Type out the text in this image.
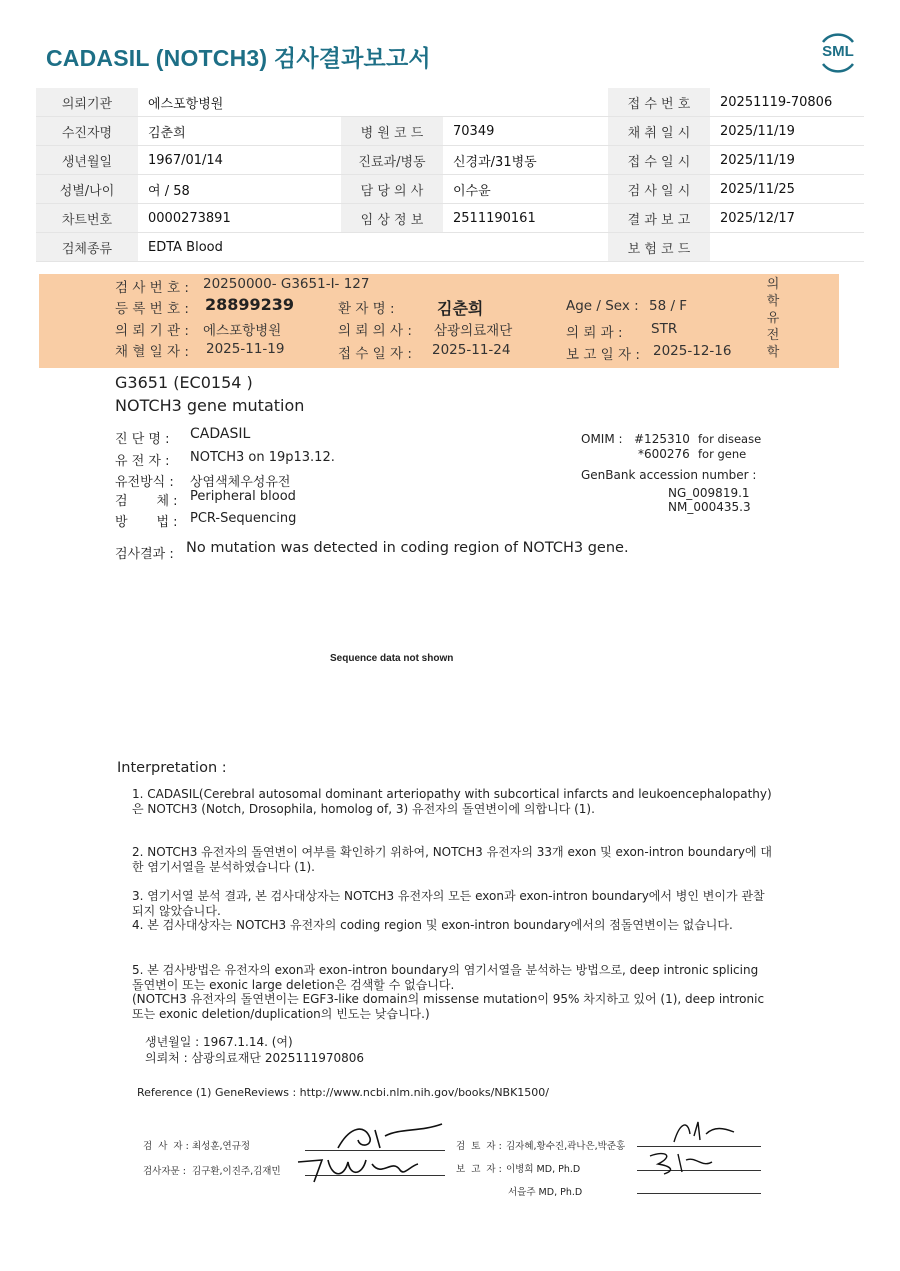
CADASIL (NOTCH3) 검사결과보고서	SML
의뢰기관	에스포항병원			접 수 번 호	20251119-70806
수진자명	김춘희	병 원 코 드	70349	채 취 일 시	2025/11/19
생년월일	1967/01/14	진료과/병동	신경과/31병동	접 수 일 시	2025/11/19
성별/나이	여 / 58	담 당 의 사	이수윤	검 사 일 시	2025/11/25
차트번호	0000273891	임 상 정 보	2511190161	결 과 보 고	2025/12/17
검체종류	EDTA Blood			보 험 코 드	
검 사 번 호 : 20250000- G3651-I- 127
등 록 번 호 : 28899239	환 자 명 :	김춘희	Age / Sex : 58 / F
의 뢰 기 관 : 에스포항병원	의 뢰 의 사 : 삼광의료재단	의 뢰 과 : STR
채 혈 일 자 : 2025-11-19	접 수 일 자 : 2025-11-24	보 고 일 자 : 2025-12-16
의
학
유
전
학
G3651 (EC0154 )
NOTCH3 gene mutation
진 단 명 : CADASIL
유 전 자 : NOTCH3 on 19p13.12.
유전방식 : 상염색체우성유전
검       체 : Peripheral blood
방       법 : PCR-Sequencing
OMIM : #125310 for disease
*600276 for gene
GenBank accession number :
NG_009819.1
NM_000435.3
검사결과 : No mutation was detected in coding region of NOTCH3 gene.
Sequence data not shown
Interpretation :
1. CADASIL(Cerebral autosomal dominant arteriopathy with subcortical infarcts and leukoencephalopathy)은 NOTCH3 (Notch, Drosophila, homolog of, 3) 유전자의 돌연변이에 의합니다 (1).
2. NOTCH3 유전자의 돌연변이 여부를 확인하기 위하여, NOTCH3 유전자의 33개 exon 및 exon-intron boundary에 대한 염기서열을 분석하였습니다 (1).
3. 염기서열 분석 결과, 본 검사대상자는 NOTCH3 유전자의 모든 exon과 exon-intron boundary에서 병인 변이가 관찰되지 않았습니다.
4. 본 검사대상자는 NOTCH3 유전자의 coding region 및 exon-intron boundary에서의 점돌연변이는 없습니다.
5. 본 검사방법은 유전자의 exon과 exon-intron boundary의 염기서열을 분석하는 방법으로, deep intronic splicing 돌연변이 또는 exonic large deletion은 검색할 수 없습니다.
(NOTCH3 유전자의 돌연변이는 EGF3-like domain의 missense mutation이 95% 차지하고 있어 (1), deep intronic 또는 exonic deletion/duplication의 빈도는 낮습니다.)
생년월일 : 1967.1.14. (여)
의뢰처 : 삼광의료재단 2025111970806
Reference (1) GeneReviews : http://www.ncbi.nlm.nih.gov/books/NBK1500/
검  사  자 : 최성훈,연규정
검사자문 : 김구환,이진주,김재민
검  토  자 : 김자혜,황수진,곽나은,박준홍
보  고  자 : 이병희 MD, Ph.D
서을주 MD, Ph.D
